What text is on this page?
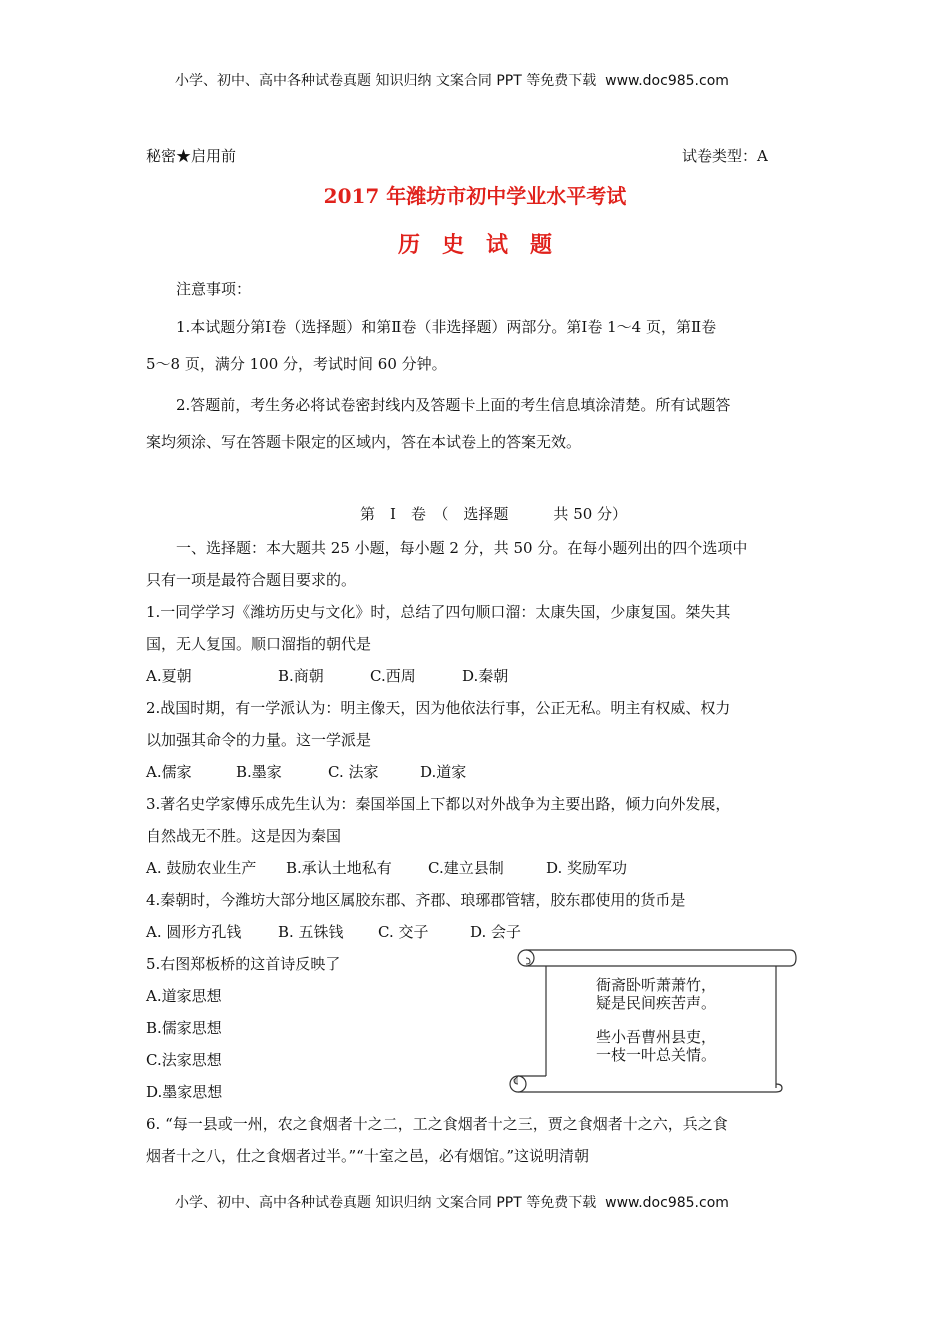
小学、初中、高中各种试卷真题 知识归纳 文案合同 PPT 等免费下载 www.doc985.com
秘密★启用前	试卷类型：A
2017 年潍坊市初中学业水平考试
历　史　试　题
注意事项：
1.本试题分第Ⅰ卷（选择题）和第Ⅱ卷（非选择题）两部分。第Ⅰ卷 1～4 页，第Ⅱ卷
5～8 页，满分 100 分，考试时间 60 分钟。
2.答题前，考生务必将试卷密封线内及答题卡上面的考生信息填涂清楚。所有试题答
案均须涂、写在答题卡限定的区域内，答在本试卷上的答案无效。
第　Ⅰ　卷　（　选择题　　　共 50 分）
一、选择题：本大题共 25 小题，每小题 2 分，共 50 分。在每小题列出的四个选项中
只有一项是最符合题目要求的。
1.一同学学习《潍坊历史与文化》时，总结了四句顺口溜：太康失国，少康复国。桀失其
国，无人复国。顺口溜指的朝代是
A.夏朝	B.商朝	C.西周	D.秦朝
2.战国时期，有一学派认为：明主像天，因为他依法行事，公正无私。明主有权威、权力
以加强其命令的力量。这一学派是
A.儒家	B.墨家	C. 法家	D.道家
3.著名史学家傅乐成先生认为：秦国举国上下都以对外战争为主要出路，倾力向外发展，
自然战无不胜。这是因为秦国
A. 鼓励农业生产 B.承认土地私有 C.建立县制	D. 奖励军功
4.秦朝时，今潍坊大部分地区属胶东郡、齐郡、琅琊郡管辖，胶东郡使用的货币是
A. 圆形方孔钱 B. 五铢钱 C. 交子	D. 会子
5.右图郑板桥的这首诗反映了
A.道家思想
B.儒家思想
C.法家思想
D.墨家思想
衙斋卧听萧萧竹，
疑是民间疾苦声。
些小吾曹州县吏，
一枝一叶总关情。
6. “每一县或一州，农之食烟者十之二，工之食烟者十之三，贾之食烟者十之六，兵之食
烟者十之八，仕之食烟者过半。”“十室之邑，必有烟馆。”这说明清朝
小学、初中、高中各种试卷真题 知识归纳 文案合同 PPT 等免费下载 www.doc985.com
